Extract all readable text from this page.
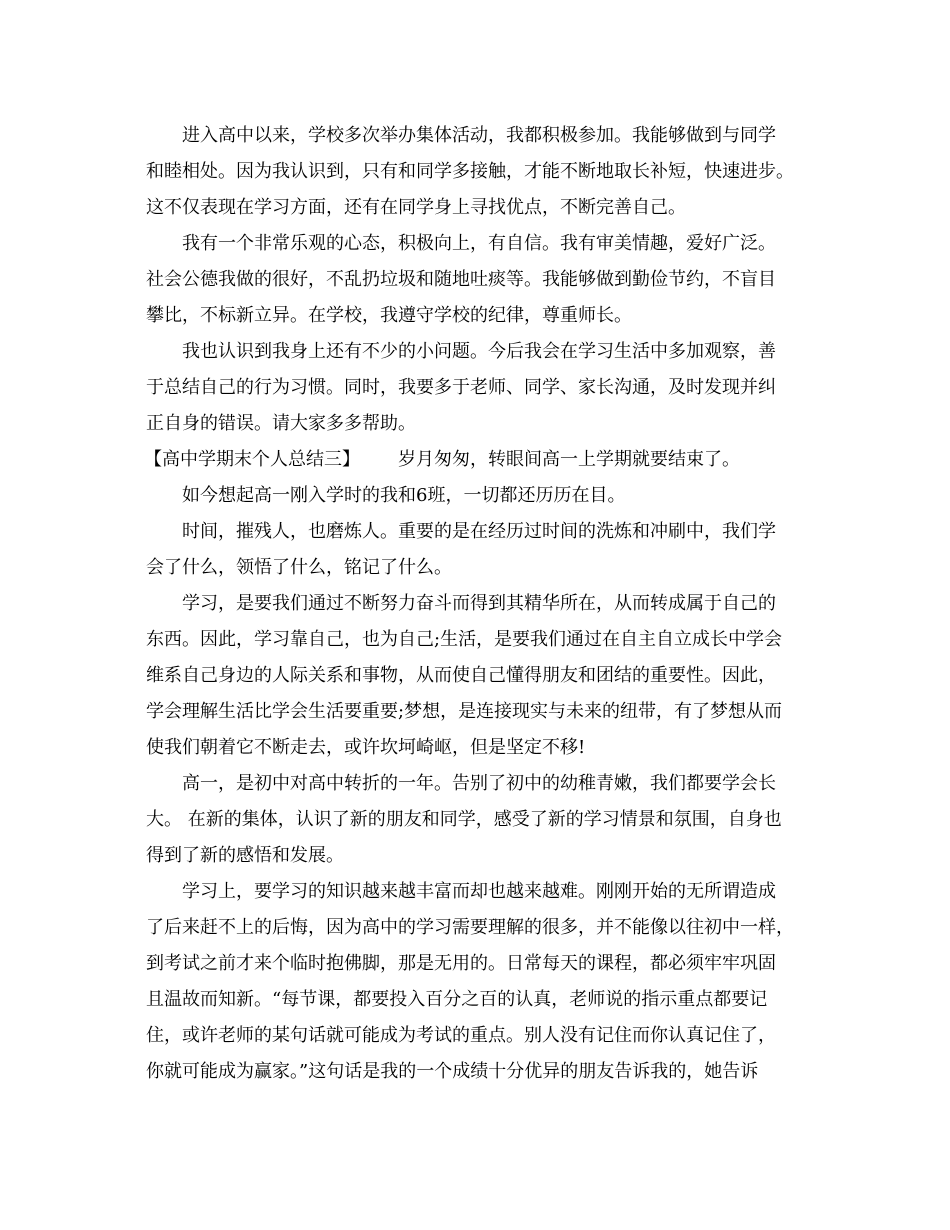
进入高中以来，学校多次举办集体活动，我都积极参加。我能够做到与同学
和睦相处。因为我认识到，只有和同学多接触，才能不断地取长补短，快速进步。
这不仅表现在学习方面，还有在同学身上寻找优点，不断完善自己。
我有一个非常乐观的心态，积极向上，有自信。我有审美情趣，爱好广泛。
社会公德我做的很好，不乱扔垃圾和随地吐痰等。我能够做到勤俭节约，不盲目
攀比，不标新立异。在学校，我遵守学校的纪律，尊重师长。
我也认识到我身上还有不少的小问题。今后我会在学习生活中多加观察，善
于总结自己的行为习惯。同时，我要多于老师、同学、家长沟通，及时发现并纠
正自身的错误。请大家多多帮助。
【高中学期末个人总结三】 岁月匆匆，转眼间高一上学期就要结束了。
如今想起高一刚入学时的我和6班，一切都还历历在目。
时间，摧残人，也磨炼人。重要的是在经历过时间的洗炼和冲刷中，我们学
会了什么，领悟了什么，铭记了什么。
学习，是要我们通过不断努力奋斗而得到其精华所在，从而转成属于自己的
东西。因此，学习靠自己，也为自己;生活，是要我们通过在自主自立成长中学会
维系自己身边的人际关系和事物，从而使自己懂得朋友和团结的重要性。因此，
学会理解生活比学会生活要重要;梦想，是连接现实与未来的纽带，有了梦想从而
使我们朝着它不断走去，或许坎坷崎岖，但是坚定不移!
高一，是初中对高中转折的一年。告别了初中的幼稚青嫩，我们都要学会长
大。 在新的集体，认识了新的朋友和同学，感受了新的学习情景和氛围，自身也
得到了新的感悟和发展。
学习上，要学习的知识越来越丰富而却也越来越难。刚刚开始的无所谓造成
了后来赶不上的后悔，因为高中的学习需要理解的很多，并不能像以往初中一样，
到考试之前才来个临时抱佛脚，那是无用的。日常每天的课程，都必须牢牢巩固
且温故而知新。“每节课，都要投入百分之百的认真，老师说的指示重点都要记
住，或许老师的某句话就可能成为考试的重点。别人没有记住而你认真记住了，
你就可能成为赢家。”这句话是我的一个成绩十分优异的朋友告诉我的，她告诉
